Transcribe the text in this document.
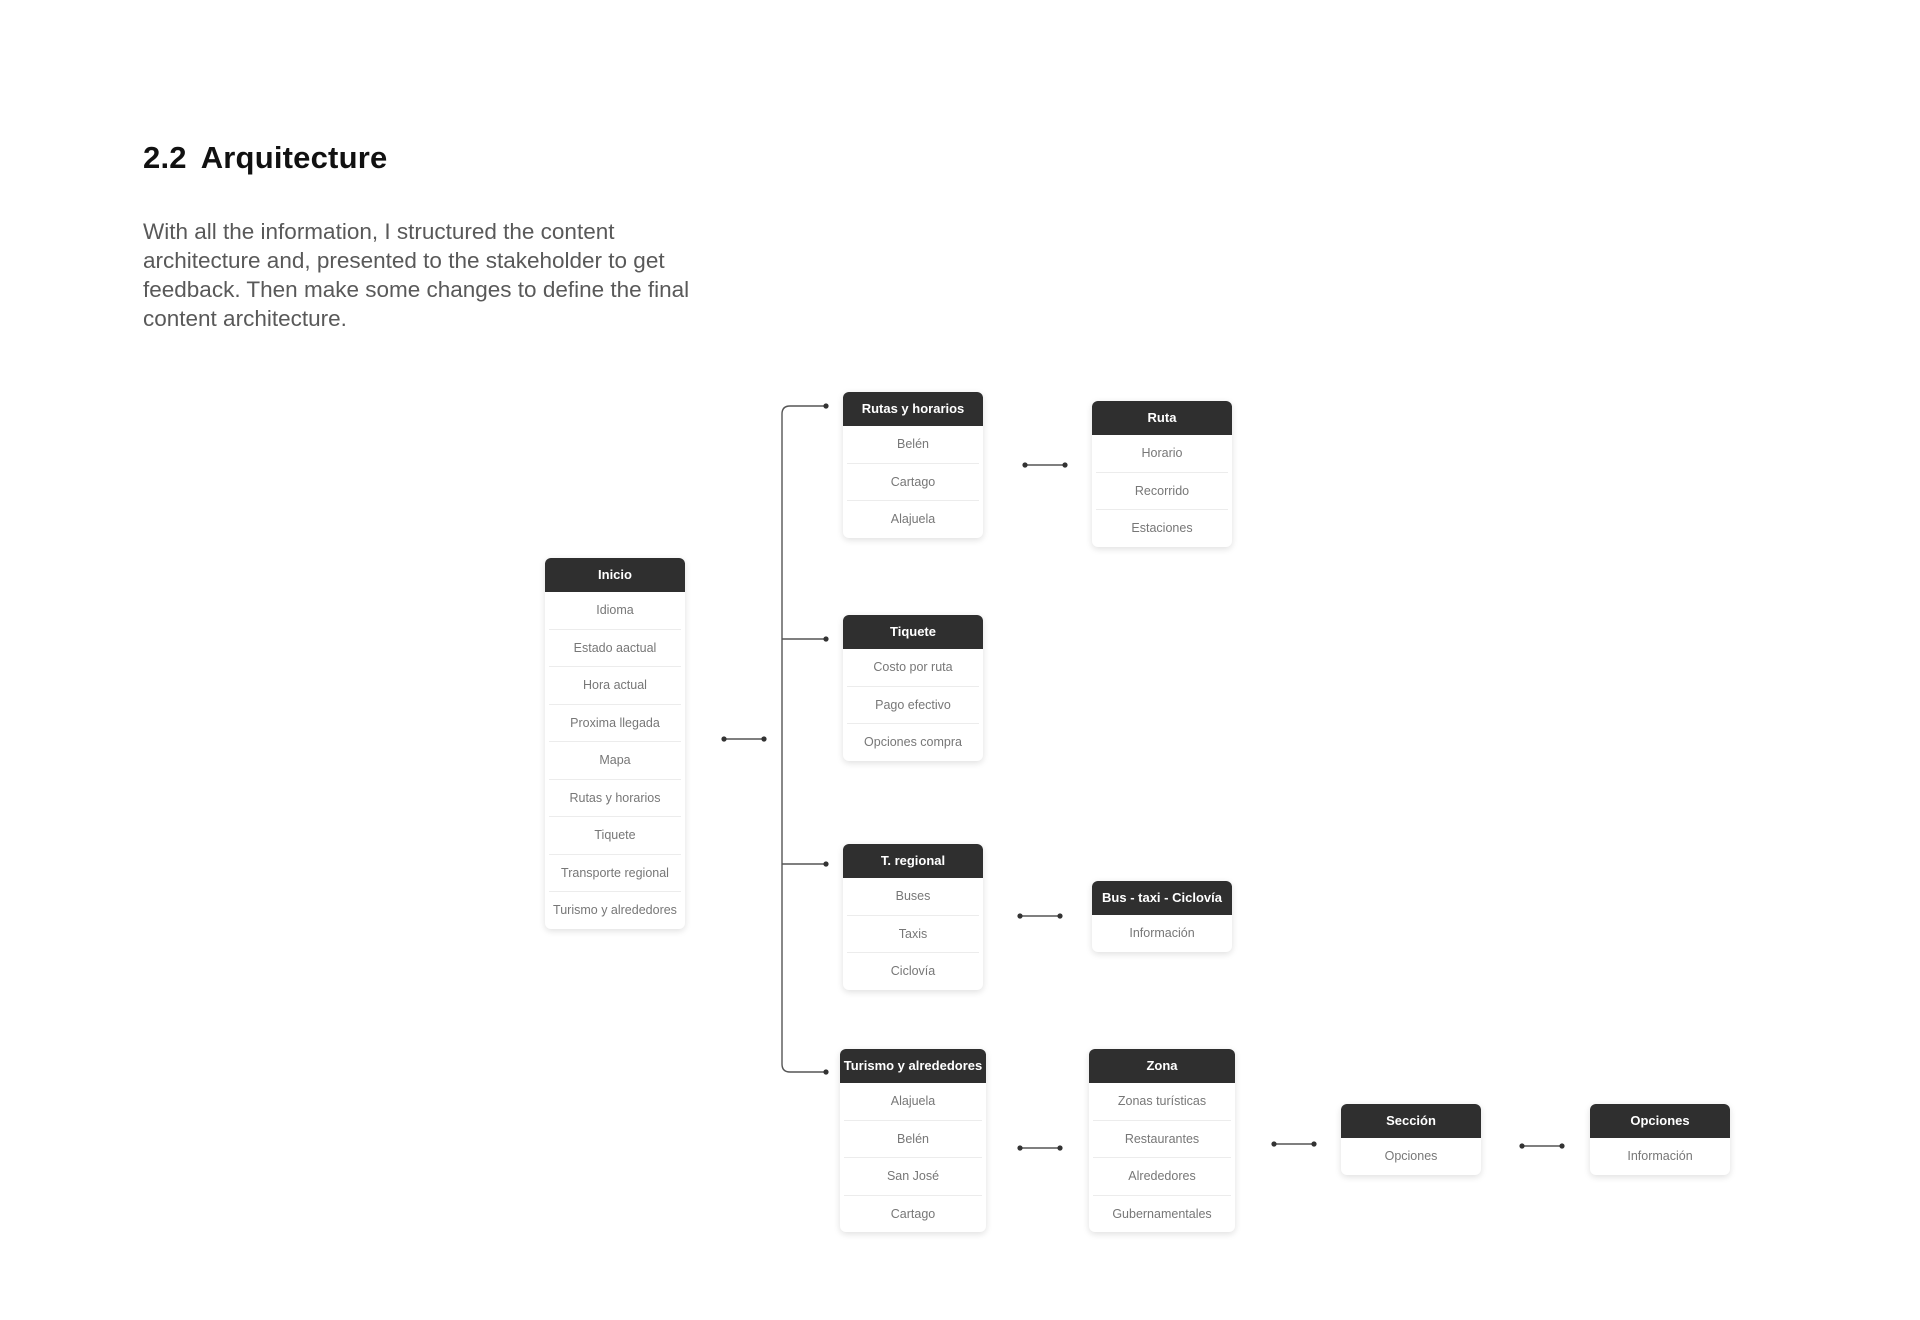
2.2 Arquitecture

With all the information, I structured the content architecture and, presented to the stakeholder to get feedback. Then make some changes to define the final content architecture.

Inicio
Idioma
Estado aactual
Hora actual
Proxima llegada
Mapa
Rutas y horarios
Tiquete
Transporte regional
Turismo y alrededores
Rutas y horarios
Belén
Cartago
Alajuela
Ruta
Horario
Recorrido
Estaciones
Tiquete
Costo por ruta
Pago efectivo
Opciones compra
T. regional
Buses
Taxis
Ciclovía
Bus - taxi - Ciclovía
Información
Turismo y alrededores
Alajuela
Belén
San José
Cartago
Zona
Zonas turísticas
Restaurantes
Alrededores
Gubernamentales
Sección
Opciones
Opciones
Información
